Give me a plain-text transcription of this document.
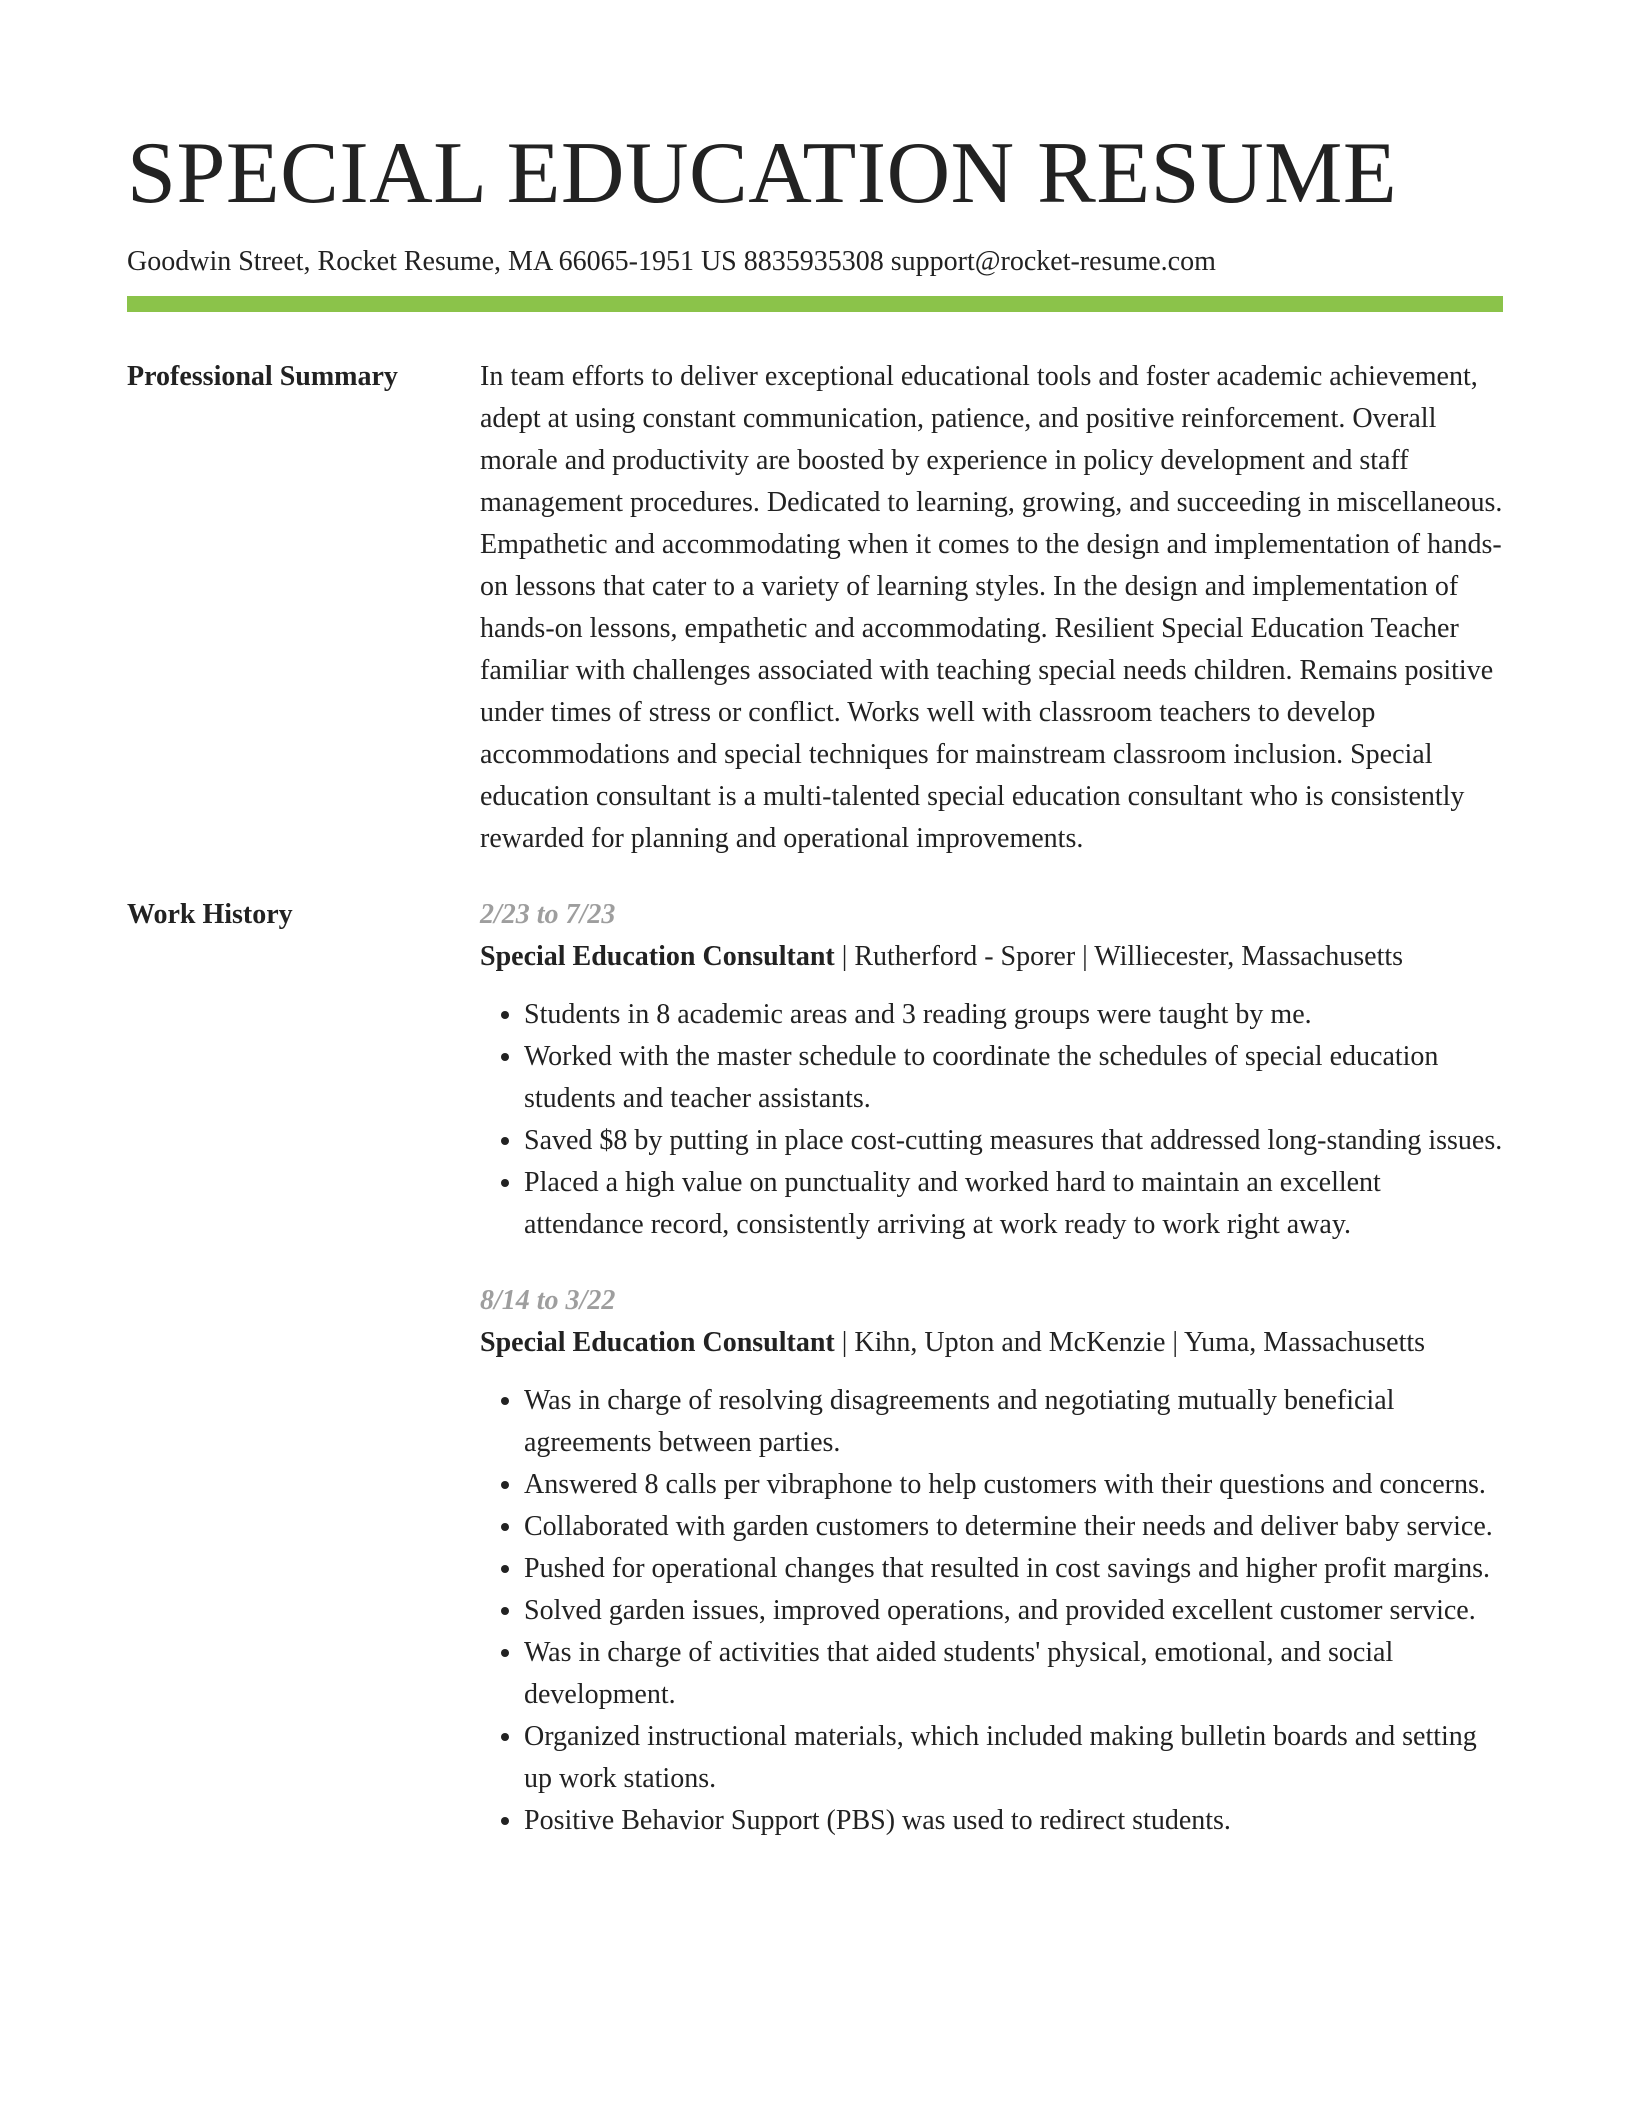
SPECIAL EDUCATION RESUME
Goodwin Street, Rocket Resume, MA 66065-1951 US 8835935308 support@rocket-resume.com
Professional Summary	In team efforts to deliver exceptional educational tools and foster academic achievement, adept at using constant communication, patience, and positive reinforcement. Overall morale and productivity are boosted by experience in policy development and staff management procedures. Dedicated to learning, growing, and succeeding in miscellaneous. Empathetic and accommodating when it comes to the design and implementation of hands-on lessons that cater to a variety of learning styles. In the design and implementation of hands-on lessons, empathetic and accommodating. Resilient Special Education Teacher familiar with challenges associated with teaching special needs children. Remains positive under times of stress or conflict. Works well with classroom teachers to develop accommodations and special techniques for mainstream classroom inclusion. Special education consultant is a multi-talented special education consultant who is consistently rewarded for planning and operational improvements.

Work History	2/23 to 7/23
Special Education Consultant | Rutherford - Sporer | Williecester, Massachusetts
• Students in 8 academic areas and 3 reading groups were taught by me.
• Worked with the master schedule to coordinate the schedules of special education students and teacher assistants.
• Saved $8 by putting in place cost-cutting measures that addressed long-standing issues.
• Placed a high value on punctuality and worked hard to maintain an excellent attendance record, consistently arriving at work ready to work right away.
8/14 to 3/22
Special Education Consultant | Kihn, Upton and McKenzie | Yuma, Massachusetts
• Was in charge of resolving disagreements and negotiating mutually beneficial agreements between parties.
• Answered 8 calls per vibraphone to help customers with their questions and concerns.
• Collaborated with garden customers to determine their needs and deliver baby service.
• Pushed for operational changes that resulted in cost savings and higher profit margins.
• Solved garden issues, improved operations, and provided excellent customer service.
• Was in charge of activities that aided students' physical, emotional, and social development.
• Organized instructional materials, which included making bulletin boards and setting up work stations.
• Positive Behavior Support (PBS) was used to redirect students.
